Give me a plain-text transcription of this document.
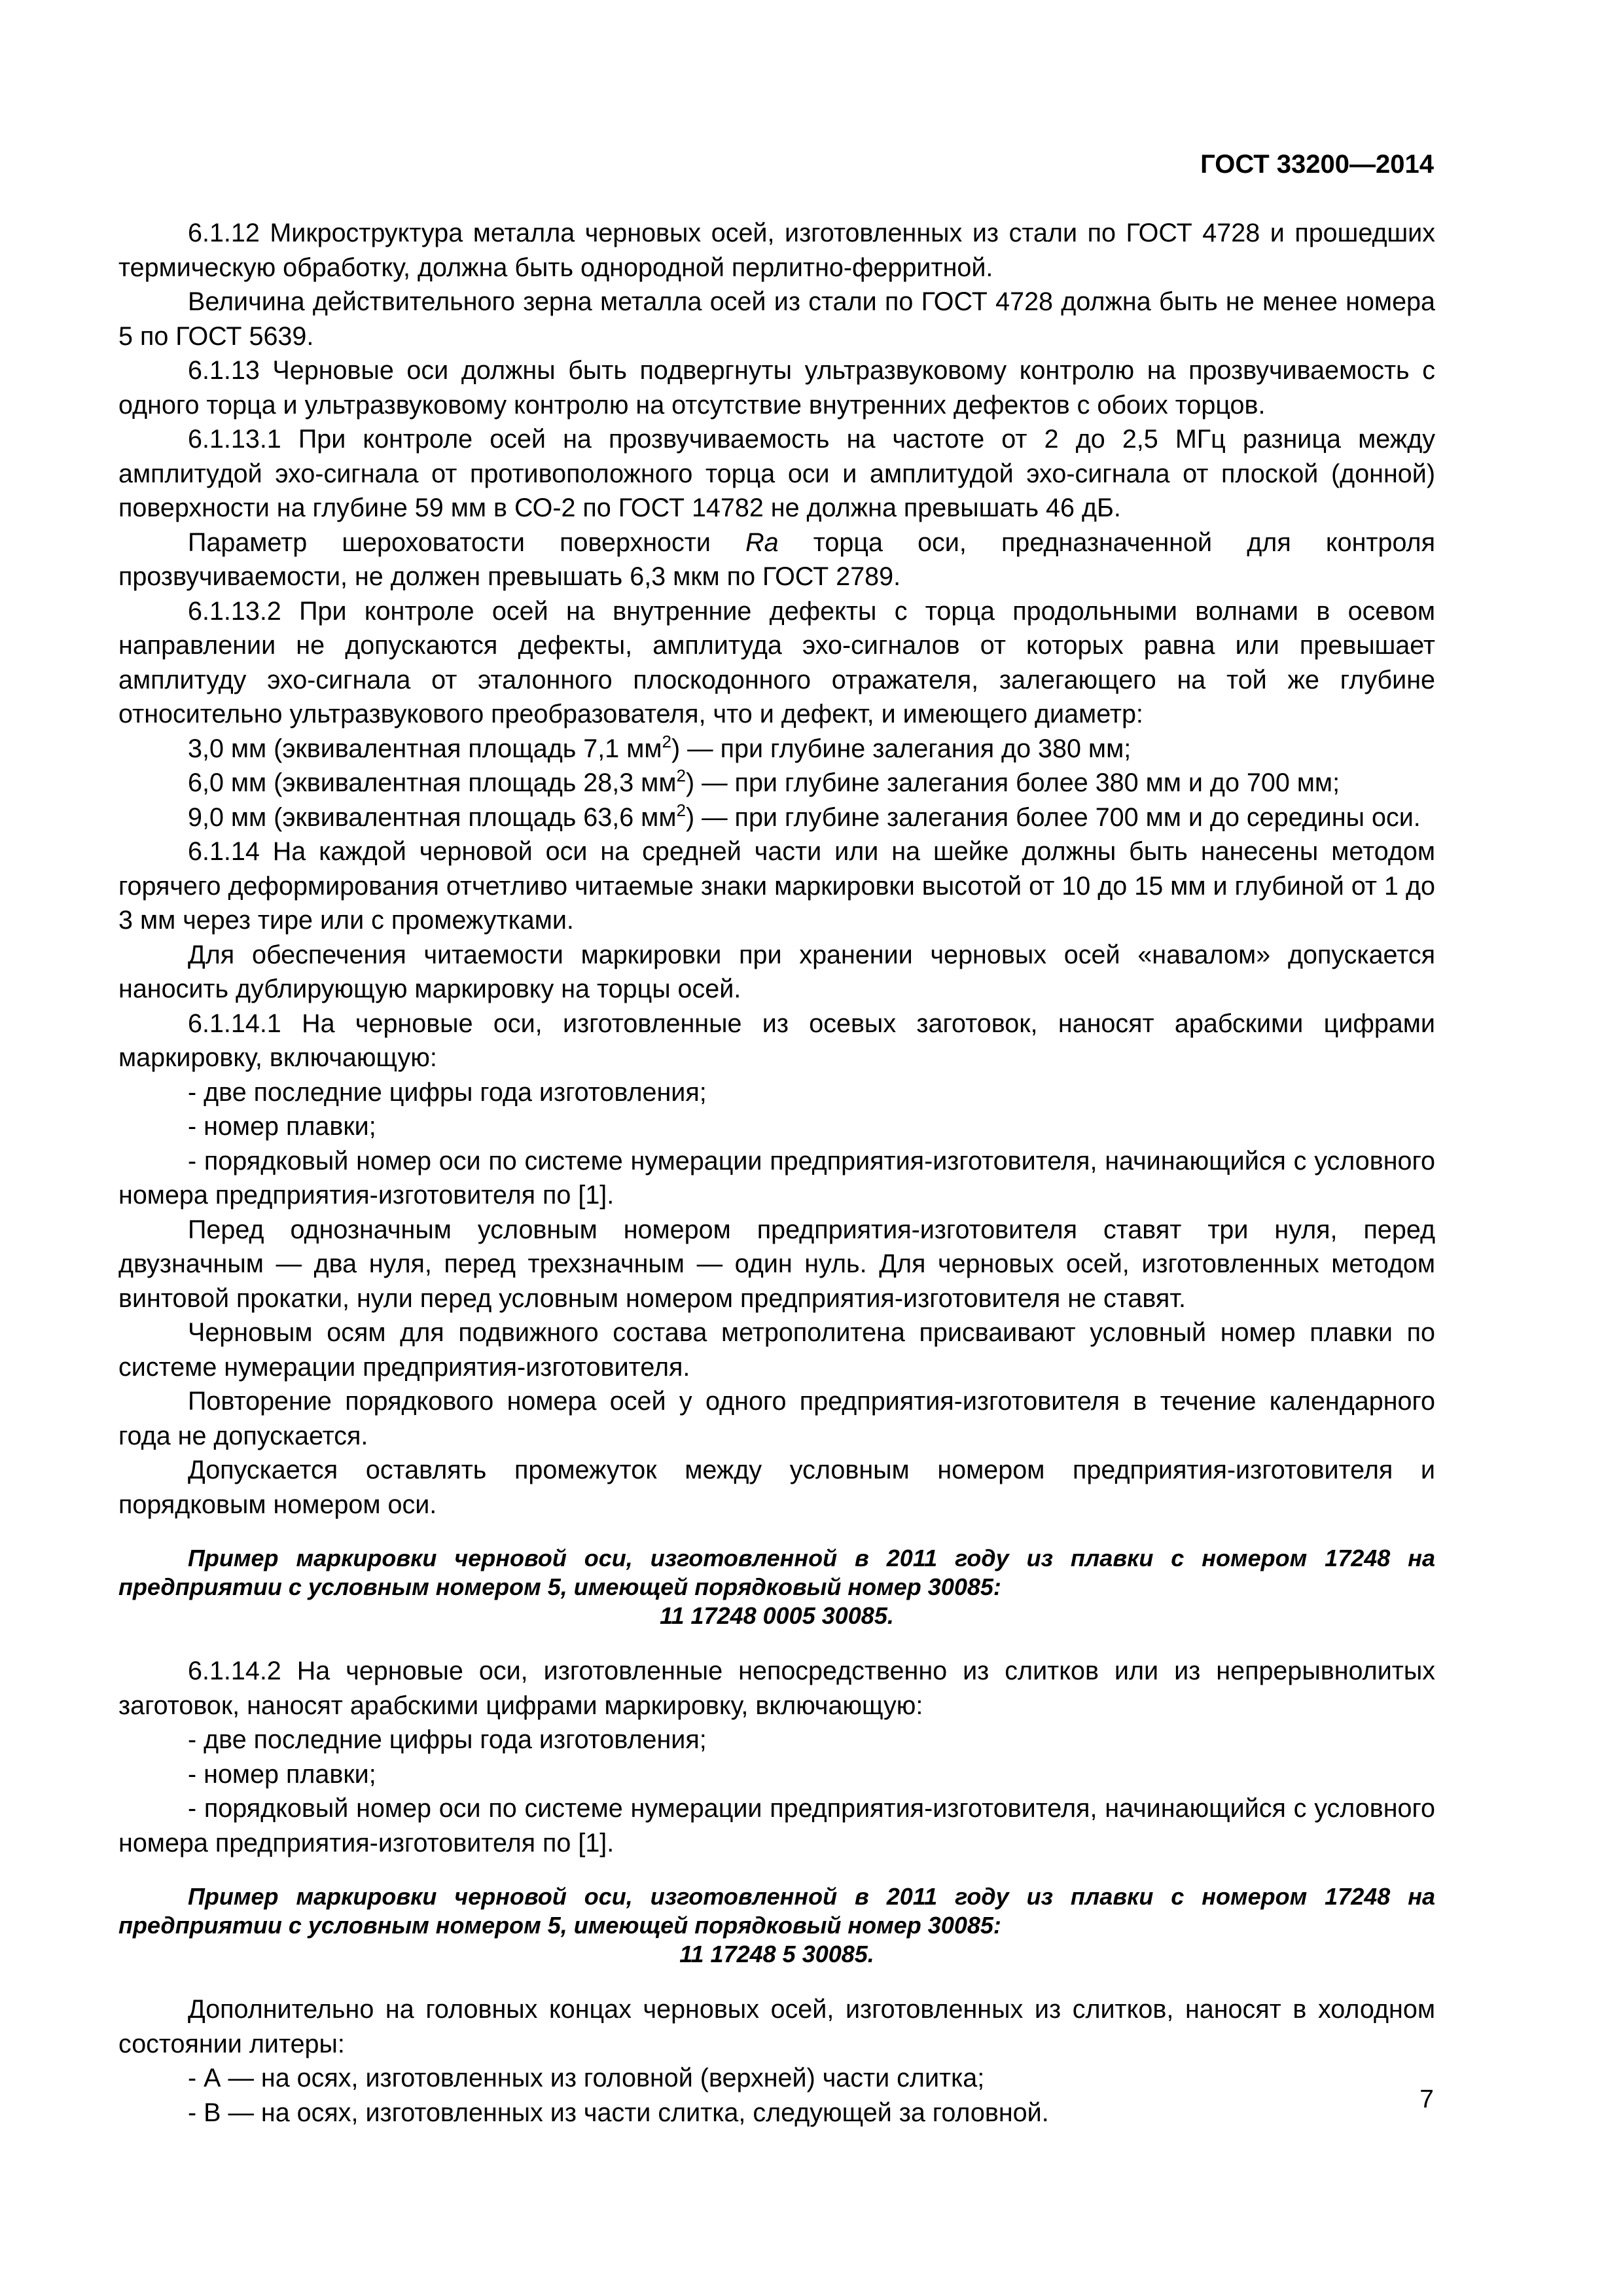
ГОСТ 33200—2014

6.1.12 Микроструктура металла черновых осей, изготовленных из стали по ГОСТ 4728 и прошедших термическую обработку, должна быть однородной перлитно-ферритной.

Величина действительного зерна металла осей из стали по ГОСТ 4728 должна быть не менее номера 5 по ГОСТ 5639.

6.1.13 Черновые оси должны быть подвергнуты ультразвуковому контролю на прозвучиваемость с одного торца и ультразвуковому контролю на отсутствие внутренних дефектов с обоих торцов.

6.1.13.1 При контроле осей на прозвучиваемость на частоте от 2 до 2,5 МГц разница между амплитудой эхо-сигнала от противоположного торца оси и амплитудой эхо-сигнала от плоской (донной) поверхности на глубине 59 мм в СО-2 по ГОСТ 14782 не должна превышать 46 дБ.

Параметр шероховатости поверхности Ra торца оси, предназначенной для контроля прозвучиваемости, не должен превышать 6,3 мкм по ГОСТ 2789.

6.1.13.2 При контроле осей на внутренние дефекты с торца продольными волнами в осевом направлении не допускаются дефекты, амплитуда эхо-сигналов от которых равна или превышает амплитуду эхо-сигнала от эталонного плоскодонного отражателя, залегающего на той же глубине относительно ультразвукового преобразователя, что и дефект, и имеющего диаметр:

3,0 мм (эквивалентная площадь 7,1 $мм^2$) — при глубине залегания до 380 мм;

6,0 мм (эквивалентная площадь 28,3 $мм^2$) — при глубине залегания более 380 мм и до 700 мм;

9,0 мм (эквивалентная площадь 63,6 $мм^2$) — при глубине залегания более 700 мм и до середины оси.

6.1.14 На каждой черновой оси на средней части или на шейке должны быть нанесены методом горячего деформирования отчетливо читаемые знаки маркировки высотой от 10 до 15 мм и глубиной от 1 до 3 мм через тире или с промежутками.

Для обеспечения читаемости маркировки при хранении черновых осей «навалом» допускается наносить дублирующую маркировку на торцы осей.

6.1.14.1 На черновые оси, изготовленные из осевых заготовок, наносят арабскими цифрами маркировку, включающую:

- две последние цифры года изготовления;

- номер плавки;

- порядковый номер оси по системе нумерации предприятия-изготовителя, начинающийся с условного номера предприятия-изготовителя по [1].

Перед однозначным условным номером предприятия-изготовителя ставят три нуля, перед двузначным — два нуля, перед трехзначным — один нуль. Для черновых осей, изготовленных методом винтовой прокатки, нули перед условным номером предприятия-изготовителя не ставят.

Черновым осям для подвижного состава метрополитена присваивают условный номер плавки по системе нумерации предприятия-изготовителя.

Повторение порядкового номера осей у одного предприятия-изготовителя в течение календарного года не допускается.

Допускается оставлять промежуток между условным номером предприятия-изготовителя и порядковым номером оси.

Пример маркировки черновой оси, изготовленной в 2011 году из плавки с номером 17248 на предприятии с условным номером 5, имеющей порядковый номер 30085:
11 17248 0005 30085.

6.1.14.2 На черновые оси, изготовленные непосредственно из слитков или из непрерывнолитых заготовок, наносят арабскими цифрами маркировку, включающую:

- две последние цифры года изготовления;

- номер плавки;

- порядковый номер оси по системе нумерации предприятия-изготовителя, начинающийся с условного номера предприятия-изготовителя по [1].

Пример маркировки черновой оси, изготовленной в 2011 году из плавки с номером 17248 на предприятии с условным номером 5, имеющей порядковый номер 30085:
11 17248 5 30085.

Дополнительно на головных концах черновых осей, изготовленных из слитков, наносят в холодном состоянии литеры:

- А — на осях, изготовленных из головной (верхней) части слитка;

- В — на осях, изготовленных из части слитка, следующей за головной.	7
